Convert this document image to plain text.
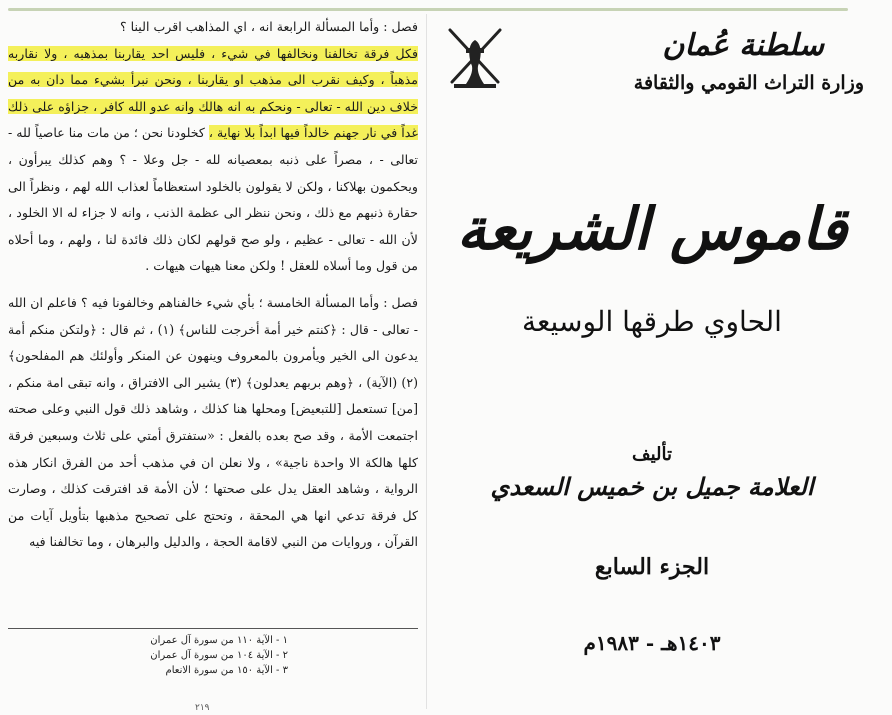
فصل : وأما المسألة الرابعة انه ، اي المذاهب اقرب الينا ؟

فكل فرقة تخالفنا ونخالفها في شيء ، فليس احد يقاربنا بمذهبه ، ولا نقاربه مذهباً ، وكيف نقرب الى مذهب او يقاربنا ، ونحن نبرأ بشيء مما دان به من خلاف دين الله - تعالى - ونحكم به انه هالك وانه عدو الله كافر ، جزاؤه على ذلك غداً في نار جهنم خالداً فيها ابداً بلا نهاية ، كخلودنا نحن ؛ من مات منا عاصياً لله - تعالى - ، مصراً على ذنبه بمعصيانه لله - جل وعلا - ؟ وهم كذلك يبرأون ، ويحكمون بهلاكنا ، ولكن لا يقولون بالخلود استعظاماً لعذاب الله لهم ، ونظراً الى حقارة ذنبهم مع ذلك ، ونحن ننظر الى عظمة الذنب ، وانه لا جزاء له الا الخلود ، لأن الله - تعالى - عظيم ، ولو صح قولهم لكان ذلك فائدة لنا ، ولهم ، وما أحلاه من قول وما أسلاه للعقل ! ولكن معنا هيهات هيهات .

فصل : وأما المسألة الخامسة ؛ بأي شيء خالفناهم وخالفونا فيه ؟ فاعلم ان الله - تعالى - قال : ﴿كنتم خير أمة أخرجت للناس﴾ (١) ، ثم قال : ﴿ولتكن منكم أمة يدعون الى الخير ويأمرون بالمعروف وينهون عن المنكر وأولئك هم المفلحون﴾ (٢) (الآية) ، ﴿وهم بربهم يعدلون﴾ (٣) يشير الى الافتراق ، وانه تبقى امة منكم ، [من] تستعمل [للتبعيض] ومحلها هنا كذلك ، وشاهد ذلك قول النبي وعلى صحته اجتمعت الأمة ، وقد صح بعده بالفعل : «ستفترق أمتي على ثلاث وسبعين فرقة كلها هالكة الا واحدة ناجية» ، ولا نعلن ان في مذهب أحد من الفرق انكار هذه الرواية ، وشاهد العقل يدل على صحتها ؛ لأن الأمة قد افترقت كذلك ، وصارت كل فرقة تدعي انها هي المحقة ، وتحتج على تصحيح مذهبها بتأويل آيات من القرآن ، وروايات من النبي لاقامة الحجة ، والدليل والبرهان ، وما تخالفنا فيه

١ - الآية ١١٠ من سورة آل عمران
٢ - الآية ١٠٤ من سورة آل عمران
٣ - الآية ١٥٠ من سورة الانعام
٢١٩
سلطنة عُمان
وزارة التراث القومي والثقافة
قاموس الشريعة
الحاوي طرقها الوسيعة
تأليف
العلامة جميل بن خميس السعدي
الجزء السابع
١٤٠٣هـ - ١٩٨٣م
